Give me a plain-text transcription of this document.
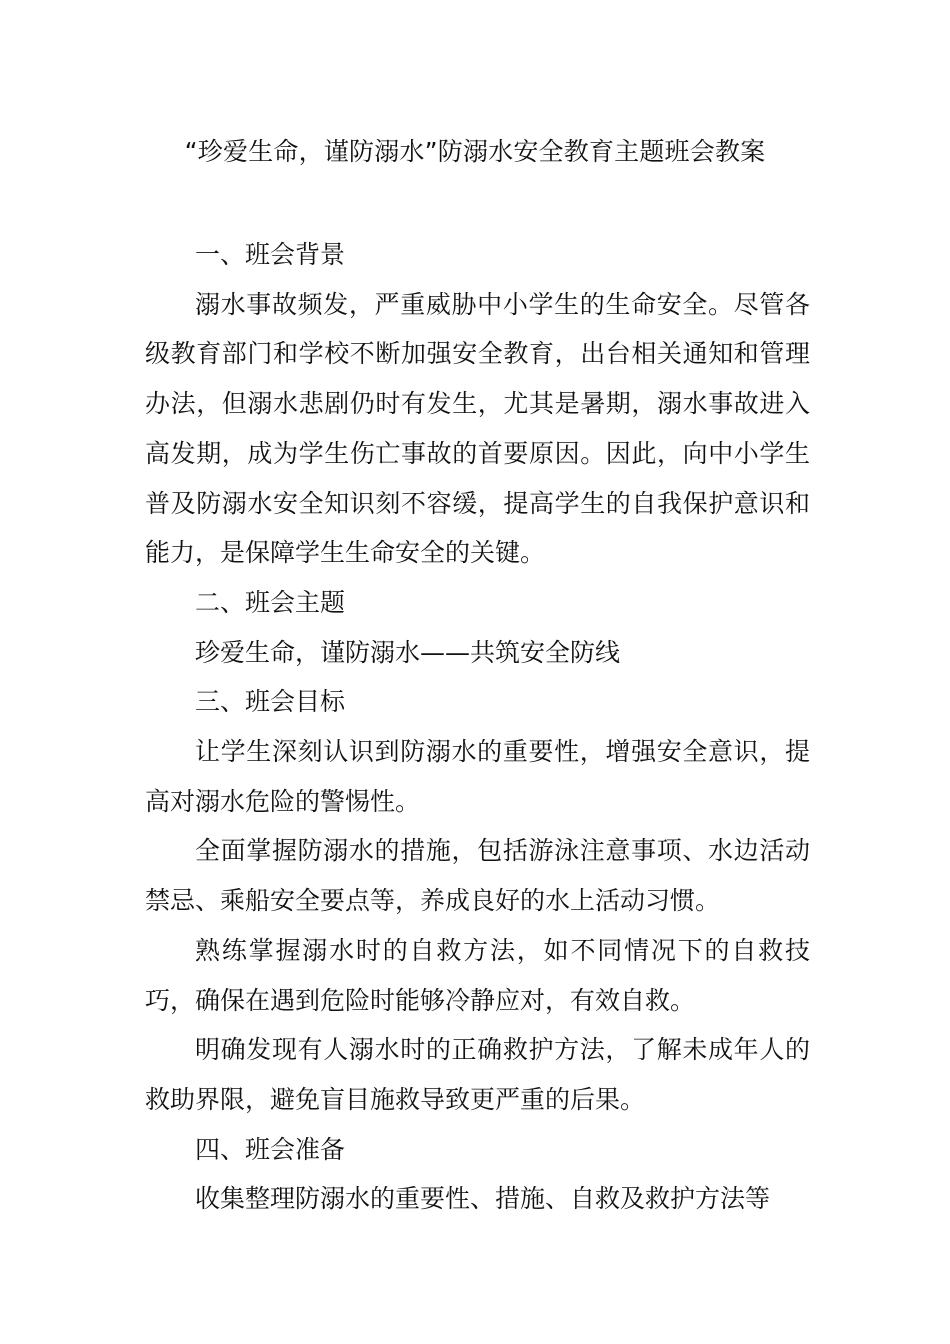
“珍爱生命，谨防溺水”防溺水安全教育主题班会教案

一、班会背景

溺水事故频发，严重威胁中小学生的生命安全。尽管各级教育部门和学校不断加强安全教育，出台相关通知和管理办法，但溺水悲剧仍时有发生，尤其是暑期，溺水事故进入高发期，成为学生伤亡事故的首要原因。因此，向中小学生普及防溺水安全知识刻不容缓，提高学生的自我保护意识和能力，是保障学生生命安全的关键。

二、班会主题

珍爱生命，谨防溺水——共筑安全防线

三、班会目标

让学生深刻认识到防溺水的重要性，增强安全意识，提高对溺水危险的警惕性。

全面掌握防溺水的措施，包括游泳注意事项、水边活动禁忌、乘船安全要点等，养成良好的水上活动习惯。

熟练掌握溺水时的自救方法，如不同情况下的自救技巧，确保在遇到危险时能够冷静应对，有效自救。

明确发现有人溺水时的正确救护方法，了解未成年人的救助界限，避免盲目施救导致更严重的后果。

四、班会准备

收集整理防溺水的重要性、措施、自救及救护方法等
